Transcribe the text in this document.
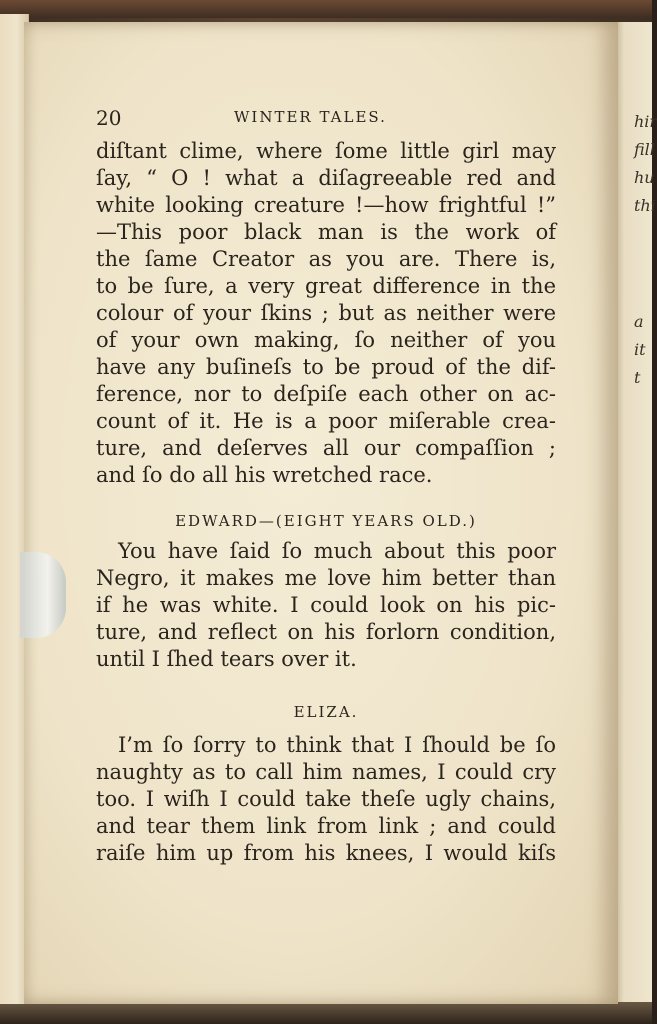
hir
fill
hu
thi
a
it
t
20	WINTER TALES.
diſtant clime, where ſome little girl may
ſay, “ O ! what a diſagreeable red and
white looking creature !—how frightful !”
—This poor black man is the work of
the ſame Creator as you are. There is,
to be ſure, a very great difference in the
colour of your ſkins ; but as neither were
of your own making, ſo neither of you
have any buſineſs to be proud of the dif-
ference, nor to deſpiſe each other on ac-
count of it. He is a poor miſerable crea-
ture, and deſerves all our compaſſion ;
and ſo do all his wretched race.
EDWARD—(EIGHT YEARS OLD.)
You have ſaid ſo much about this poor
Negro, it makes me love him better than
if he was white. I could look on his pic-
ture, and reflect on his forlorn condition,
until I ſhed tears over it.
ELIZA.
I’m ſo ſorry to think that I ſhould be ſo
naughty as to call him names, I could cry
too. I wiſh I could take theſe ugly chains,
and tear them link from link ; and could
raiſe him up from his knees, I would kiſs
